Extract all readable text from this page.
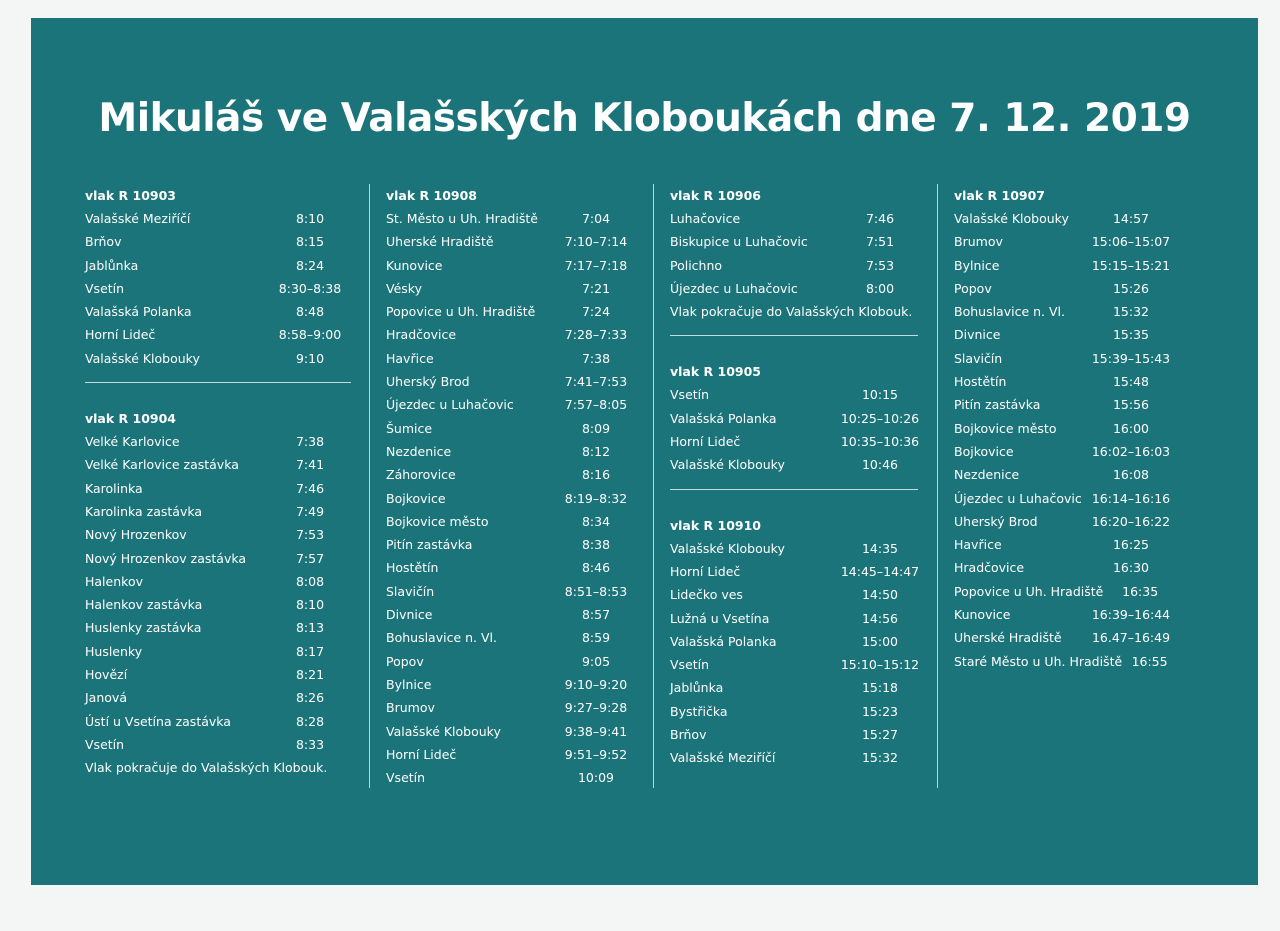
Mikuláš ve Valašských Kloboukách dne 7. 12. 2019
vlak R 10903
Valašské Meziříčí	8:10
Brňov	8:15
Jablůnka	8:24
Vsetín	8:30–8:38
Valašská Polanka	8:48
Horní Lideč	8:58–9:00
Valašské Klobouky	9:10
vlak R 10904
Velké Karlovice	7:38
Velké Karlovice zastávka	7:41
Karolinka	7:46
Karolinka zastávka	7:49
Nový Hrozenkov	7:53
Nový Hrozenkov zastávka	7:57
Halenkov	8:08
Halenkov zastávka	8:10
Huslenky zastávka	8:13
Huslenky	8:17
Hovězí	8:21
Janová	8:26
Ústí u Vsetína zastávka	8:28
Vsetín	8:33
Vlak pokračuje do Valašských Klobouk.
vlak R 10908
St. Město u Uh. Hradiště	7:04
Uherské Hradiště	7:10–7:14
Kunovice	7:17–7:18
Vésky	7:21
Popovice u Uh. Hradiště	7:24
Hradčovice	7:28–7:33
Havřice	7:38
Uherský Brod	7:41–7:53
Újezdec u Luhačovic	7:57–8:05
Šumice	8:09
Nezdenice	8:12
Záhorovice	8:16
Bojkovice	8:19–8:32
Bojkovice město	8:34
Pitín zastávka	8:38
Hostětín	8:46
Slavičín	8:51–8:53
Divnice	8:57
Bohuslavice n. Vl.	8:59
Popov	9:05
Bylnice	9:10–9:20
Brumov	9:27–9:28
Valašské Klobouky	9:38–9:41
Horní Lideč	9:51–9:52
Vsetín	10:09
vlak R 10906
Luhačovice	7:46
Biskupice u Luhačovic	7:51
Polichno	7:53
Újezdec u Luhačovic	8:00
Vlak pokračuje do Valašských Klobouk.
vlak R 10905
Vsetín	10:15
Valašská Polanka	10:25–10:26
Horní Lideč	10:35–10:36
Valašské Klobouky	10:46
vlak R 10910
Valašské Klobouky	14:35
Horní Lideč	14:45–14:47
Lidečko ves	14:50
Lužná u Vsetína	14:56
Valašská Polanka	15:00
Vsetín	15:10–15:12
Jablůnka	15:18
Bystřička	15:23
Brňov	15:27
Valašské Meziříčí	15:32
vlak R 10907
Valašské Klobouky	14:57
Brumov	15:06–15:07
Bylnice	15:15–15:21
Popov	15:26
Bohuslavice n. Vl.	15:32
Divnice	15:35
Slavičín	15:39–15:43
Hostětín	15:48
Pitín zastávka	15:56
Bojkovice město	16:00
Bojkovice	16:02–16:03
Nezdenice	16:08
Újezdec u Luhačovic 16:14–16:16
Uherský Brod	16:20–16:22
Havřice	16:25
Hradčovice	16:30
Popovice u Uh. Hradiště	16:35
Kunovice	16:39–16:44
Uherské Hradiště	16.47–16:49
Staré Město u Uh. Hradiště 16:55
